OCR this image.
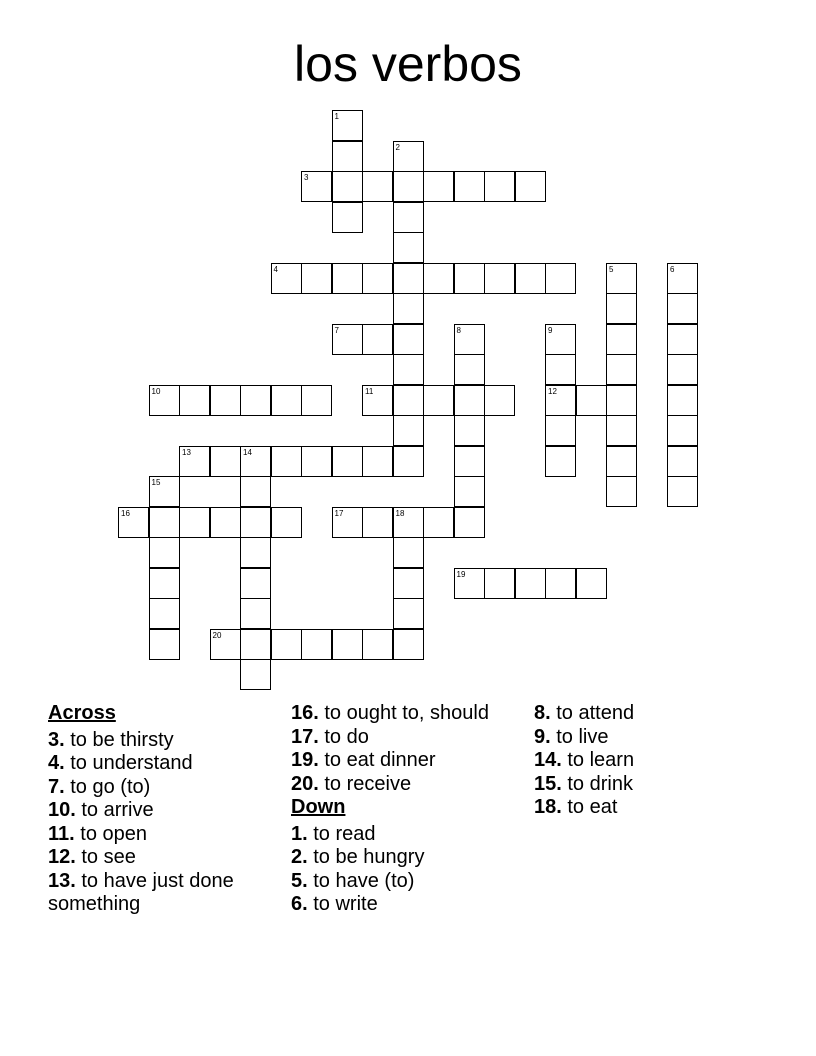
los verbos
3
4
7
10	11	12
13	14
16	17	18
19
20
1
2
5	6
8	9
15
Across
3. to be thirsty
4. to understand
7. to go (to)
10. to arrive
11. to open
12. to see
13. to have just done something
16. to ought to, should
17. to do
19. to eat dinner
20. to receive
Down
1. to read
2. to be hungry
5. to have (to)
6. to write
8. to attend
9. to live
14. to learn
15. to drink
18. to eat
